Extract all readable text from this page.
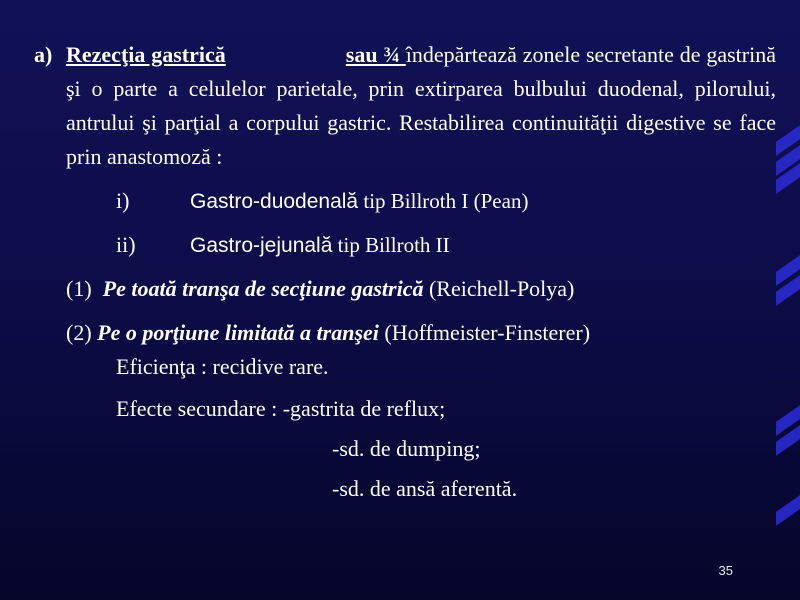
a) Rezecţia gastrică	sau ¾ îndepărtează zonele secretante de gastrină şi o parte a celulelor parietale, prin extirparea bulbului duodenal, pilorului, antrului şi parţial a corpului gastric. Restabilirea continuităţii digestive se face prin anastomoză :
i)	Gastro-duodenală tip Billroth I (Pean)

ii)	Gastro-jejunală tip Billroth II

(1) Pe toată tranşa de secţiune gastrică (Reichell-Polya)
(2) Pe o porţiune limitată a tranşei (Hoffmeister-Finsterer)
Eficienţa : recidive rare.
Efecte secundare : -gastrita de reflux;
-sd. de dumping;
-sd. de ansă aferentă.
35
